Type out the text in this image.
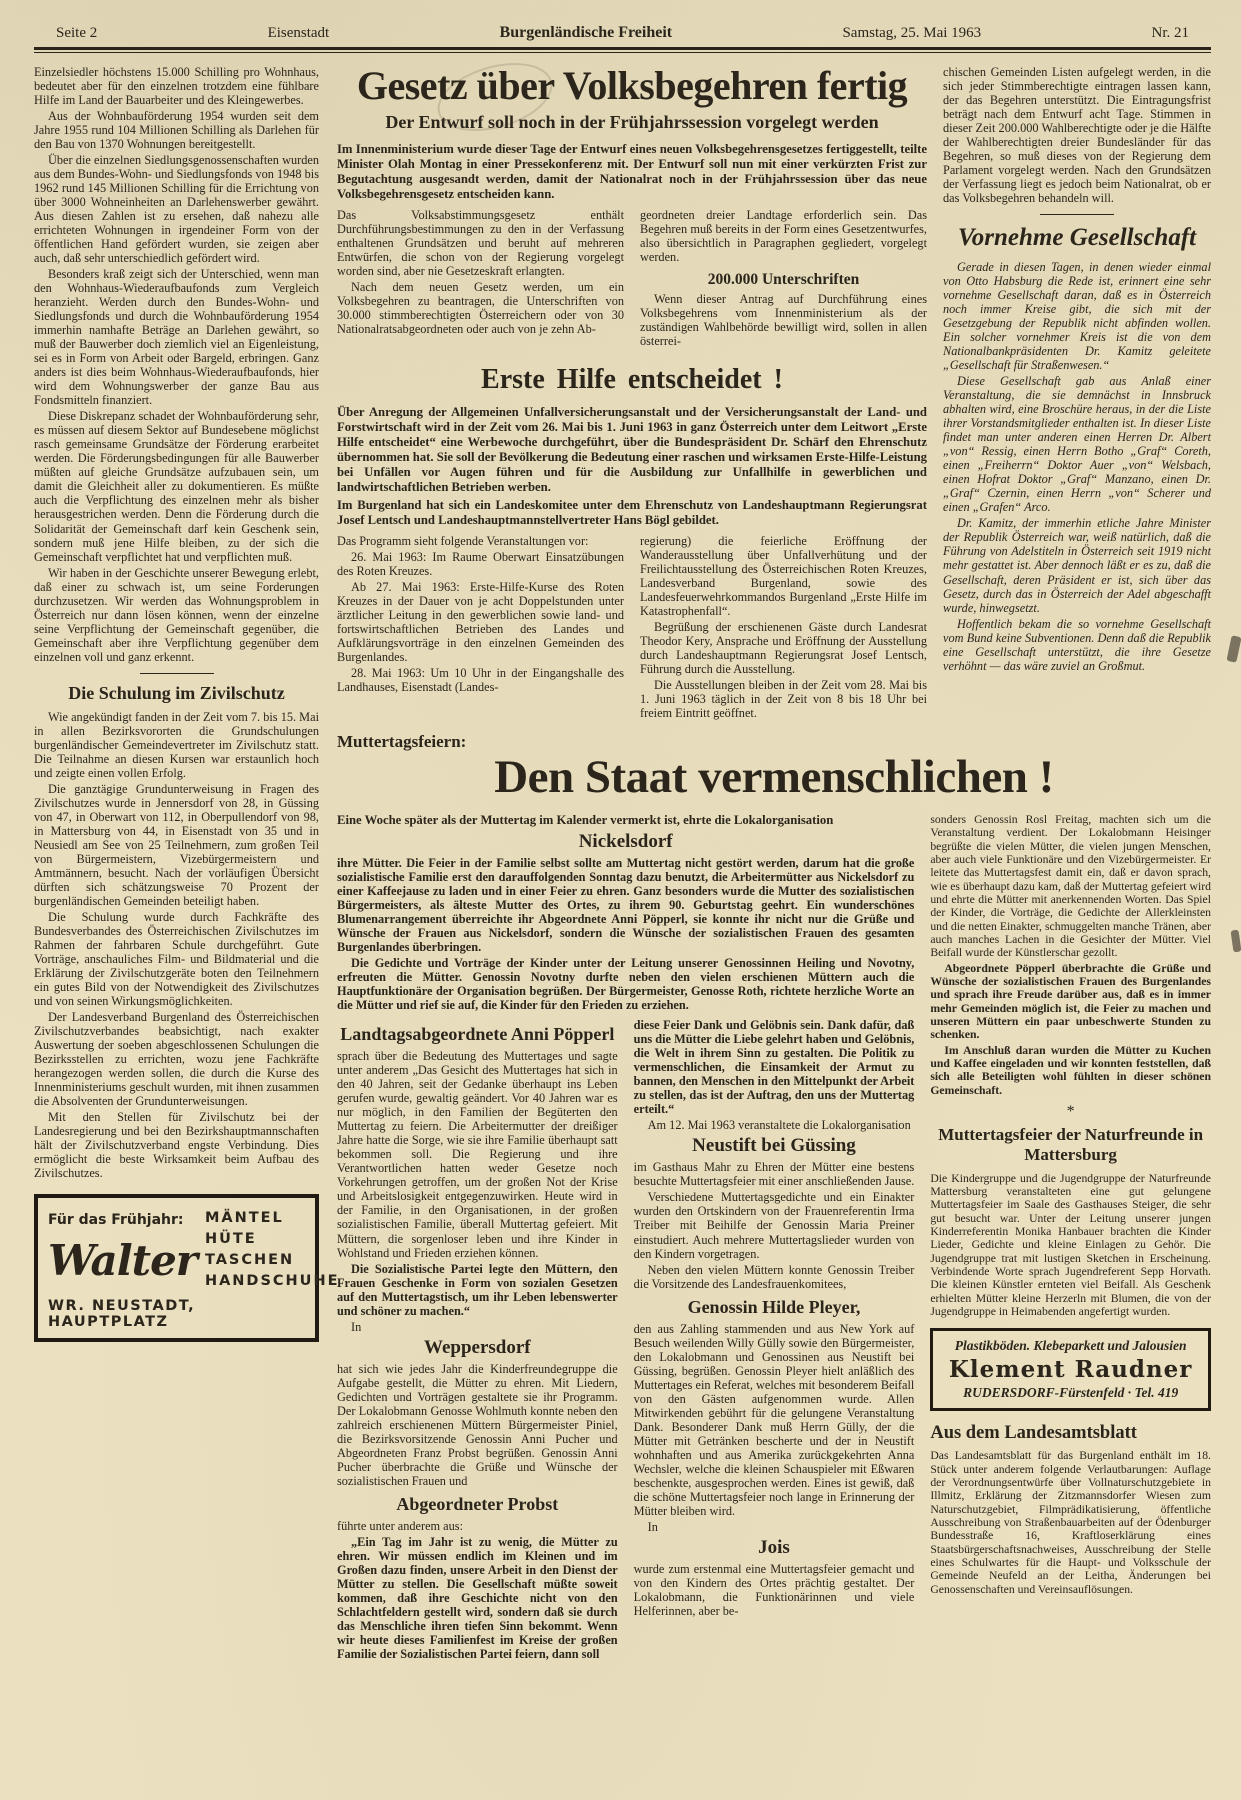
Seite 2	Eisenstadt	Burgenländische Freiheit	Samstag, 25. Mai 1963	Nr. 21

Einzelsiedler höchstens 15.000 Schilling pro Wohnhaus, bedeutet aber für den einzelnen trotzdem eine fühlbare Hilfe im Land der Bauarbeiter und des Kleingewerbes.

Aus der Wohnbauförderung 1954 wurden seit dem Jahre 1955 rund 104 Millionen Schilling als Darlehen für den Bau von 1370 Wohnungen bereitgestellt.

Über die einzelnen Siedlungsgenossenschaften wurden aus dem Bundes-Wohn- und Siedlungsfonds von 1948 bis 1962 rund 145 Millionen Schilling für die Errichtung von über 3000 Wohneinheiten an Darlehenswerber gewährt. Aus diesen Zahlen ist zu ersehen, daß nahezu alle errichteten Wohnungen in irgendeiner Form von der öffentlichen Hand gefördert wurden, sie zeigen aber auch, daß sehr unterschiedlich gefördert wird.

Besonders kraß zeigt sich der Unterschied, wenn man den Wohnhaus-Wiederaufbaufonds zum Vergleich heranzieht. Werden durch den Bundes-Wohn- und Siedlungsfonds und durch die Wohnbauförderung 1954 immerhin namhafte Beträge an Darlehen gewährt, so muß der Bauwerber doch ziemlich viel an Eigenleistung, sei es in Form von Arbeit oder Bargeld, erbringen. Ganz anders ist dies beim Wohnhaus-Wiederaufbaufonds, hier wird dem Wohnungswerber der ganze Bau aus Fondsmitteln finanziert.

Diese Diskrepanz schadet der Wohnbauförderung sehr, es müssen auf diesem Sektor auf Bundesebene möglichst rasch gemeinsame Grundsätze der Förderung erarbeitet werden. Die Förderungsbedingungen für alle Bauwerber müßten auf gleiche Grundsätze aufzubauen sein, um damit die Gleichheit aller zu dokumentieren. Es müßte auch die Verpflichtung des einzelnen mehr als bisher herausgestrichen werden. Denn die Förderung durch die Solidarität der Gemeinschaft darf kein Geschenk sein, sondern muß jene Hilfe bleiben, zu der sich die Gemeinschaft verpflichtet hat und verpflichten muß.

Wir haben in der Geschichte unserer Bewegung erlebt, daß einer zu schwach ist, um seine Forderungen durchzusetzen. Wir werden das Wohnungsproblem in Österreich nur dann lösen können, wenn der einzelne seine Verpflichtung der Gemeinschaft gegenüber, die Gemeinschaft aber ihre Verpflichtung gegenüber dem einzelnen voll und ganz erkennt.

Die Schulung im Zivilschutz

Wie angekündigt fanden in der Zeit vom 7. bis 15. Mai in allen Bezirksvororten die Grundschulungen burgenländischer Gemeindevertreter im Zivilschutz statt. Die Teilnahme an diesen Kursen war erstaunlich hoch und zeigte einen vollen Erfolg.

Die ganztägige Grundunterweisung in Fragen des Zivilschutzes wurde in Jennersdorf von 28, in Güssing von 47, in Oberwart von 112, in Oberpullendorf von 98, in Mattersburg von 44, in Eisenstadt von 35 und in Neusiedl am See von 25 Teilnehmern, zum großen Teil von Bürgermeistern, Vizebürgermeistern und Amtmännern, besucht. Nach der vorläufigen Übersicht dürften sich schätzungsweise 70 Prozent der burgenländischen Gemeinden beteiligt haben.

Die Schulung wurde durch Fachkräfte des Bundesverbandes des Österreichischen Zivilschutzes im Rahmen der fahrbaren Schule durchgeführt. Gute Vorträge, anschauliches Film- und Bildmaterial und die Erklärung der Zivilschutzgeräte boten den Teilnehmern ein gutes Bild von der Notwendigkeit des Zivilschutzes und von seinen Wirkungsmöglichkeiten.

Der Landesverband Burgenland des Österreichischen Zivilschutzverbandes beabsichtigt, nach exakter Auswertung der soeben abgeschlossenen Schulungen die Bezirksstellen zu errichten, wozu jene Fachkräfte herangezogen werden sollen, die durch die Kurse des Innenministeriums geschult wurden, mit ihnen zusammen die Absolventen der Grundunterweisungen.

Mit den Stellen für Zivilschutz bei der Landesregierung und bei den Bezirkshauptmannschaften hält der Zivilschutzverband engste Verbindung. Dies ermöglicht die beste Wirksamkeit beim Aufbau des Zivilschutzes.

Für das Frühjahr:
Walter
MÄNTEL
HÜTE
TASCHEN
HANDSCHUHE
WR. NEUSTADT, HAUPTPLATZ
Gesetz über Volksbegehren fertig
Der Entwurf soll noch in der Frühjahrssession vorgelegt werden

Im Innenministerium wurde dieser Tage der Entwurf eines neuen Volksbegehrensgesetzes fertiggestellt, teilte Minister Olah Montag in einer Pressekonferenz mit. Der Entwurf soll nun mit einer verkürzten Frist zur Begutachtung ausgesandt werden, damit der Nationalrat noch in der Frühjahrssession über das neue Volksbegehrensgesetz entscheiden kann.

Das Volksabstimmungsgesetz enthält Durchführungsbestimmungen zu den in der Verfassung enthaltenen Grundsätzen und beruht auf mehreren Entwürfen, die schon von der Regierung vorgelegt worden sind, aber nie Gesetzeskraft erlangten.

Nach dem neuen Gesetz werden, um ein Volksbegehren zu beantragen, die Unterschriften von 30.000 stimmberechtigten Österreichern oder von 30 Nationalratsabgeordneten oder auch von je zehn Ab-

geordneten dreier Landtage erforderlich sein. Das Begehren muß bereits in der Form eines Gesetzentwurfes, also übersichtlich in Paragraphen gegliedert, vorgelegt werden.

200.000 Unterschriften

Wenn dieser Antrag auf Durchführung eines Volksbegehrens vom Innenministerium als der zuständigen Wahlbehörde bewilligt wird, sollen in allen österrei-

Erste Hilfe entscheidet !

Über Anregung der Allgemeinen Unfallversicherungsanstalt und der Versicherungsanstalt der Land- und Forstwirtschaft wird in der Zeit vom 26. Mai bis 1. Juni 1963 in ganz Österreich unter dem Leitwort „Erste Hilfe entscheidet“ eine Werbewoche durchgeführt, über die Bundespräsident Dr. Schärf den Ehrenschutz übernommen hat. Sie soll der Bevölkerung die Bedeutung einer raschen und wirksamen Erste-Hilfe-Leistung bei Unfällen vor Augen führen und für die Ausbildung zur Unfallhilfe in gewerblichen und landwirtschaftlichen Betrieben werben.

Im Burgenland hat sich ein Landeskomitee unter dem Ehrenschutz von Landeshauptmann Regierungsrat Josef Lentsch und Landeshauptmannstellvertreter Hans Bögl gebildet.

Das Programm sieht folgende Veranstaltungen vor:

26. Mai 1963: Im Raume Oberwart Einsatzübungen des Roten Kreuzes.

Ab 27. Mai 1963: Erste-Hilfe-Kurse des Roten Kreuzes in der Dauer von je acht Doppelstunden unter ärztlicher Leitung in den gewerblichen sowie land- und fortswirtschaftlichen Betrieben des Landes und Aufklärungsvorträge in den einzelnen Gemeinden des Burgenlandes.

28. Mai 1963: Um 10 Uhr in der Eingangshalle des Landhauses, Eisenstadt (Landes-

regierung) die feierliche Eröffnung der Wanderausstellung über Unfallverhütung und der Freilichtausstellung des Österreichischen Roten Kreuzes, Landesverband Burgenland, sowie des Landesfeuerwehrkommandos Burgenland „Erste Hilfe im Katastrophenfall“.

Begrüßung der erschienenen Gäste durch Landesrat Theodor Kery, Ansprache und Eröffnung der Ausstellung durch Landeshauptmann Regierungsrat Josef Lentsch, Führung durch die Ausstellung.

Die Ausstellungen bleiben in der Zeit vom 28. Mai bis 1. Juni 1963 täglich in der Zeit von 8 bis 18 Uhr bei freiem Eintritt geöffnet.

chischen Gemeinden Listen aufgelegt werden, in die sich jeder Stimmberechtigte eintragen lassen kann, der das Begehren unterstützt. Die Eintragungsfrist beträgt nach dem Entwurf acht Tage. Stimmen in dieser Zeit 200.000 Wahlberechtigte oder je die Hälfte der Wahlberechtigten dreier Bundesländer für das Begehren, so muß dieses von der Regierung dem Parlament vorgelegt werden. Nach den Grundsätzen der Verfassung liegt es jedoch beim Nationalrat, ob er das Volksbegehren behandeln will.

Vornehme Gesellschaft

Gerade in diesen Tagen, in denen wieder einmal von Otto Habsburg die Rede ist, erinnert eine sehr vornehme Gesellschaft daran, daß es in Österreich noch immer Kreise gibt, die sich mit der Gesetzgebung der Republik nicht abfinden wollen. Ein solcher vornehmer Kreis ist die von dem Nationalbankpräsidenten Dr. Kamitz geleitete „Gesellschaft für Straßenwesen.“

Diese Gesellschaft gab aus Anlaß einer Veranstaltung, die sie demnächst in Innsbruck abhalten wird, eine Broschüre heraus, in der die Liste ihrer Vorstandsmitglieder enthalten ist. In dieser Liste findet man unter anderen einen Herren Dr. Albert „von“ Ressig, einen Herrn Botho „Graf“ Coreth, einen „Freiherrn“ Doktor Auer „von“ Welsbach, einen Hofrat Doktor „Graf“ Manzano, einen Dr. „Graf“ Czernin, einen Herrn „von“ Scherer und einen „Grafen“ Arco.

Dr. Kamitz, der immerhin etliche Jahre Minister der Republik Österreich war, weiß natürlich, daß die Führung von Adelstiteln in Österreich seit 1919 nicht mehr gestattet ist. Aber dennoch läßt er es zu, daß die Gesellschaft, deren Präsident er ist, sich über das Gesetz, durch das in Österreich der Adel abgeschafft wurde, hinwegsetzt.

Hoffentlich bekam die so vornehme Gesellschaft vom Bund keine Subventionen. Denn daß die Republik eine Gesellschaft unterstützt, die ihre Gesetze verhöhnt — das wäre zuviel an Großmut.

Muttertagsfeiern:
Den Staat vermenschlichen !

Eine Woche später als der Muttertag im Kalender vermerkt ist, ehrte die Lokalorganisation

Nickelsdorf

ihre Mütter. Die Feier in der Familie selbst sollte am Muttertag nicht gestört werden, darum hat die große sozialistische Familie erst den darauffolgenden Sonntag dazu benutzt, die Arbeitermütter aus Nickelsdorf zu einer Kaffeejause zu laden und in einer Feier zu ehren. Ganz besonders wurde die Mutter des sozialistischen Bürgermeisters, als älteste Mutter des Ortes, zu ihrem 90. Geburtstag geehrt. Ein wunderschönes Blumenarrangement überreichte ihr Abgeordnete Anni Pöpperl, sie konnte ihr nicht nur die Grüße und Wünsche der Frauen aus Nickelsdorf, sondern die Wünsche der sozialistischen Frauen des gesamten Burgenlandes überbringen.

Die Gedichte und Vorträge der Kinder unter der Leitung unserer Genossinnen Heiling und Novotny, erfreuten die Mütter. Genossin Novotny durfte neben den vielen erschienen Müttern auch die Hauptfunktionäre der Organisation begrüßen. Der Bürgermeister, Genosse Roth, richtete herzliche Worte an die Mütter und rief sie auf, die Kinder für den Frieden zu erziehen.

Landtagsabgeordnete Anni Pöpperl

sprach über die Bedeutung des Muttertages und sagte unter anderem „Das Gesicht des Muttertages hat sich in den 40 Jahren, seit der Gedanke überhaupt ins Leben gerufen wurde, gewaltig geändert. Vor 40 Jahren war es nur möglich, in den Familien der Begüterten den Muttertag zu feiern. Die Arbeitermutter der dreißiger Jahre hatte die Sorge, wie sie ihre Familie überhaupt satt bekommen soll. Die Regierung und ihre Verantwortlichen hatten weder Gesetze noch Vorkehrungen getroffen, um der großen Not der Krise und Arbeitslosigkeit entgegenzuwirken. Heute wird in der Familie, in den Organisationen, in der großen sozialistischen Familie, überall Muttertag gefeiert. Mit Müttern, die sorgenloser leben und ihre Kinder in Wohlstand und Frieden erziehen können.

Die Sozialistische Partei legte den Müttern, den Frauen Geschenke in Form von sozialen Gesetzen auf den Muttertagstisch, um ihr Leben lebenswerter und schöner zu machen.“

In

Weppersdorf

hat sich wie jedes Jahr die Kinderfreundegruppe die Aufgabe gestellt, die Mütter zu ehren. Mit Liedern, Gedichten und Vorträgen gestaltete sie ihr Programm. Der Lokalobmann Genosse Wohlmuth konnte neben den zahlreich erschienenen Müttern Bürgermeister Piniel, die Bezirksvorsitzende Genossin Anni Pucher und Abgeordneten Franz Probst begrüßen. Genossin Anni Pucher überbrachte die Grüße und Wünsche der sozialistischen Frauen und

Abgeordneter Probst

führte unter anderem aus:

„Ein Tag im Jahr ist zu wenig, die Mütter zu ehren. Wir müssen endlich im Kleinen und im Großen dazu finden, unsere Arbeit in den Dienst der Mütter zu stellen. Die Gesellschaft müßte soweit kommen, daß ihre Geschichte nicht von den Schlachtfeldern gestellt wird, sondern daß sie durch das Menschliche ihren tiefen Sinn bekommt. Wenn wir heute dieses Familienfest im Kreise der großen Familie der Sozialistischen Partei feiern, dann soll

diese Feier Dank und Gelöbnis sein. Dank dafür, daß uns die Mütter die Liebe gelehrt haben und Gelöbnis, die Welt in ihrem Sinn zu gestalten. Die Politik zu vermenschlichen, die Einsamkeit der Armut zu bannen, den Menschen in den Mittelpunkt der Arbeit zu stellen, das ist der Auftrag, den uns der Muttertag erteilt.“

Am 12. Mai 1963 veranstaltete die Lokalorganisation

Neustift bei Güssing

im Gasthaus Mahr zu Ehren der Mütter eine bestens besuchte Muttertagsfeier mit einer anschließenden Jause.

Verschiedene Muttertagsgedichte und ein Einakter wurden den Ortskindern von der Frauenreferentin Irma Treiber mit Beihilfe der Genossin Maria Preiner einstudiert. Auch mehrere Muttertagslieder wurden von den Kindern vorgetragen.

Neben den vielen Müttern konnte Genossin Treiber die Vorsitzende des Landesfrauenkomitees,

Genossin Hilde Pleyer,

den aus Zahling stammenden und aus New York auf Besuch weilenden Willy Gülly sowie den Bürgermeister, den Lokalobmann und Genossinen aus Neustift bei Güssing, begrüßen. Genossin Pleyer hielt anläßlich des Muttertages ein Referat, welches mit besonderem Beifall von den Gästen aufgenommen wurde. Allen Mitwirkenden gebührt für die gelungene Veranstaltung Dank. Besonderer Dank muß Herrn Gülly, der die Mütter mit Getränken bescherte und der in Neustift wohnhaften und aus Amerika zurückgekehrten Anna Wechsler, welche die kleinen Schauspieler mit Eßwaren beschenkte, ausgesprochen werden. Eines ist gewiß, daß die schöne Muttertagsfeier noch lange in Erinnerung der Mütter bleiben wird.

In

Jois

wurde zum erstenmal eine Muttertagsfeier gemacht und von den Kindern des Ortes prächtig gestaltet. Der Lokalobmann, die Funktionärinnen und viele Helferinnen, aber be-

sonders Genossin Rosl Freitag, machten sich um die Veranstaltung verdient. Der Lokalobmann Heisinger begrüßte die vielen Mütter, die vielen jungen Menschen, aber auch viele Funktionäre und den Vizebürgermeister. Er leitete das Muttertagsfest damit ein, daß er davon sprach, wie es überhaupt dazu kam, daß der Muttertag gefeiert wird und ehrte die Mütter mit anerkennenden Worten. Das Spiel der Kinder, die Vorträge, die Gedichte der Allerkleinsten und die netten Einakter, schmuggelten manche Tränen, aber auch manches Lachen in die Gesichter der Mütter. Viel Beifall wurde der Künstlerschar gezollt.

Abgeordnete Pöpperl überbrachte die Grüße und Wünsche der sozialistischen Frauen des Burgenlandes und sprach ihre Freude darüber aus, daß es in immer mehr Gemeinden möglich ist, die Feier zu machen und unseren Müttern ein paar unbeschwerte Stunden zu schenken.

Im Anschluß daran wurden die Mütter zu Kuchen und Kaffee eingeladen und wir konnten feststellen, daß sich alle Beteiligten wohl fühlten in dieser schönen Gemeinschaft.

*
Muttertagsfeier der Naturfreunde in Mattersburg

Die Kindergruppe und die Jugendgruppe der Naturfreunde Mattersburg veranstalteten eine gut gelungene Muttertagsfeier im Saale des Gasthauses Steiger, die sehr gut besucht war. Unter der Leitung unserer jungen Kinderreferentin Monika Hanbauer brachten die Kinder Lieder, Gedichte und kleine Einlagen zu Gehör. Die Jugendgruppe trat mit lustigen Sketchen in Erscheinung. Verbindende Worte sprach Jugendreferent Sepp Horvath. Die kleinen Künstler ernteten viel Beifall. Als Geschenk erhielten Mütter kleine Herzerln mit Blumen, die von der Jugendgruppe in Heimabenden angefertigt wurden.

Plastikböden. Klebeparkett und Jalousien
Klement Raudner
RUDERSDORF-Fürstenfeld · Tel. 419
Aus dem Landesamtsblatt

Das Landesamtsblatt für das Burgenland enthält im 18. Stück unter anderem folgende Verlautbarungen: Auflage der Verordnungsentwürfe über Vollnaturschutzgebiete in Illmitz, Erklärung der Zitzmannsdorfer Wiesen zum Naturschutzgebiet, Filmprädikatisierung, öffentliche Ausschreibung von Straßenbauarbeiten auf der Ödenburger Bundesstraße 16, Kraftloserklärung eines Staatsbürgerschaftsnachweises, Ausschreibung der Stelle eines Schulwartes für die Haupt- und Volksschule der Gemeinde Neufeld an der Leitha, Änderungen bei Genossenschaften und Vereinsauflösungen.
